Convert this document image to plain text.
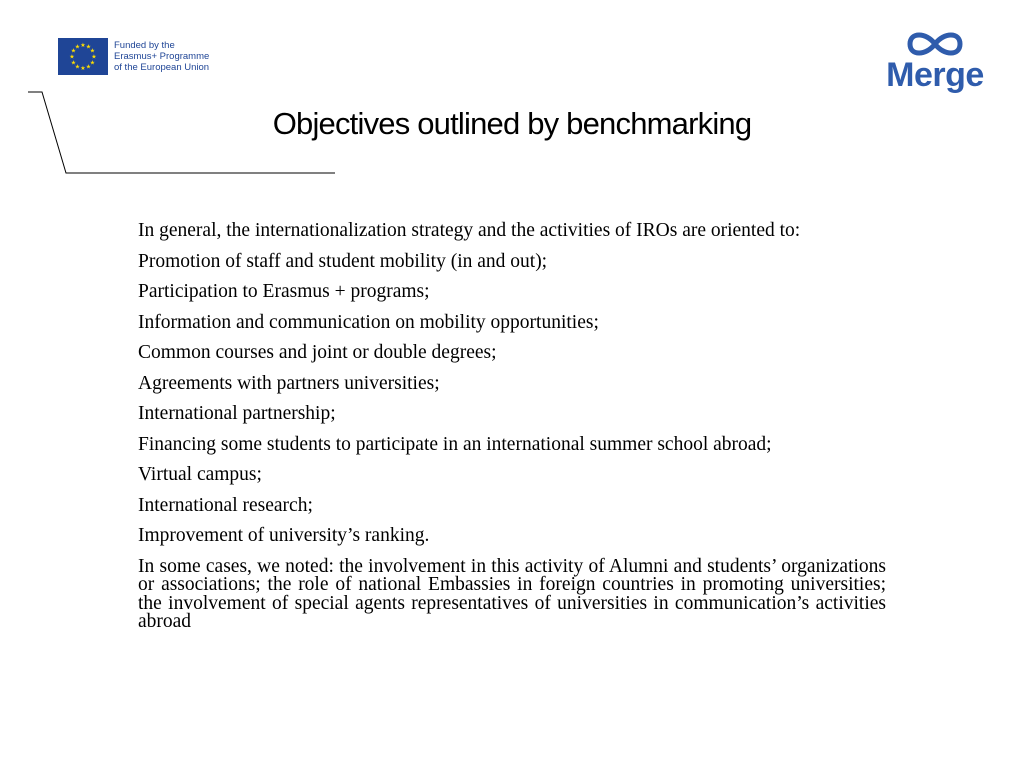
★ ★
★
★
★
★
★
★
★
★
★
★	Funded by the
Erasmus+ Programme
of the European Union	Merge
Objectives outlined by benchmarking

In general, the internationalization strategy and the activities of IROs are oriented to:

Promotion of staff and student mobility (in and out);

Participation to Erasmus + programs;

Information and communication on mobility opportunities;

Common courses and joint or double degrees;

Agreements with partners universities;

International partnership;

Financing some students to participate in an international summer school abroad;

Virtual campus;

International research;

Improvement of university’s ranking.

In some cases, we noted: the involvement in this activity of Alumni and students’ organizations or associations; the role of national Embassies in foreign countries in promoting universities; the involvement of special agents representatives of universities in communication’s activities abroad
